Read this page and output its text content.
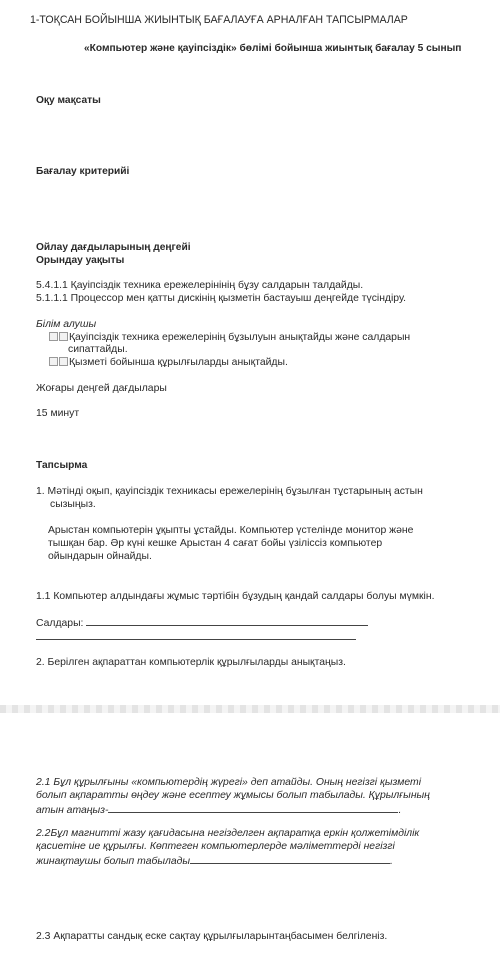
1-ТОҚСАН БОЙЫНША ЖИЫНТЫҚ БАҒАЛАУҒА АРНАЛҒАН ТАПСЫРМАЛАР
«Компьютер және қауіпсіздік» бөлімі бойынша жиынтық бағалау 5 сынып
Оқу мақсаты
Бағалау критерийі
Ойлау дағдыларының деңгейі
Орындау уақыты
5.4.1.1 Қауіпсіздік техника ережелерінінің бұзу салдарын талдайды.
5.1.1.1 Процессор мен қатты дискінің қызметін бастауыш деңгейде түсіндіру.
Білім алушы
Қауіпсіздік техника ережелерінің бұзылуын анықтайды және салдарын
сипаттайды.
Қызметі бойынша құрылғыларды анықтайды.
Жоғары деңгей дағдылары
15 минут
Тапсырма
1. Мәтінді оқып, қауіпсіздік техникасы ережелерінің бұзылған тұстарының астын
сызыңыз.
Арыстан компьютерін ұқыпты ұстайды. Компьютер үстелінде монитор және
тышқан бар. Әр күні кешке Арыстан 4 сағат бойы үзіліссіз компьютер
ойындарын ойнайды.
1.1 Компьютер алдындағы жұмыс тәртібін бұзудың қандай салдары болуы мүмкін.
Салдары:
2. Берілген ақпараттан компьютерлік құрылғыларды анықтаңыз.
2.1 Бұл құрылғыны «компьютердің жүрегі» деп атайды. Оның негізгі қызметі
болып ақпаратты өңдеу және есептеу жұмысы болып табылады. Құрылғының
атын атаңыз-	.
2.2Бұл магнитті жазу қағидасына негізделген ақпаратқа еркін қолжетімділік
қасиетіне ие құрылғы. Көптеген компьютерлерде мәліметтерді негізгі
жинақтаушы болып табылады	.
2.3 Ақпаратты сандық еске сақтау құрылғыларынтаңбасымен белгіленіз.
